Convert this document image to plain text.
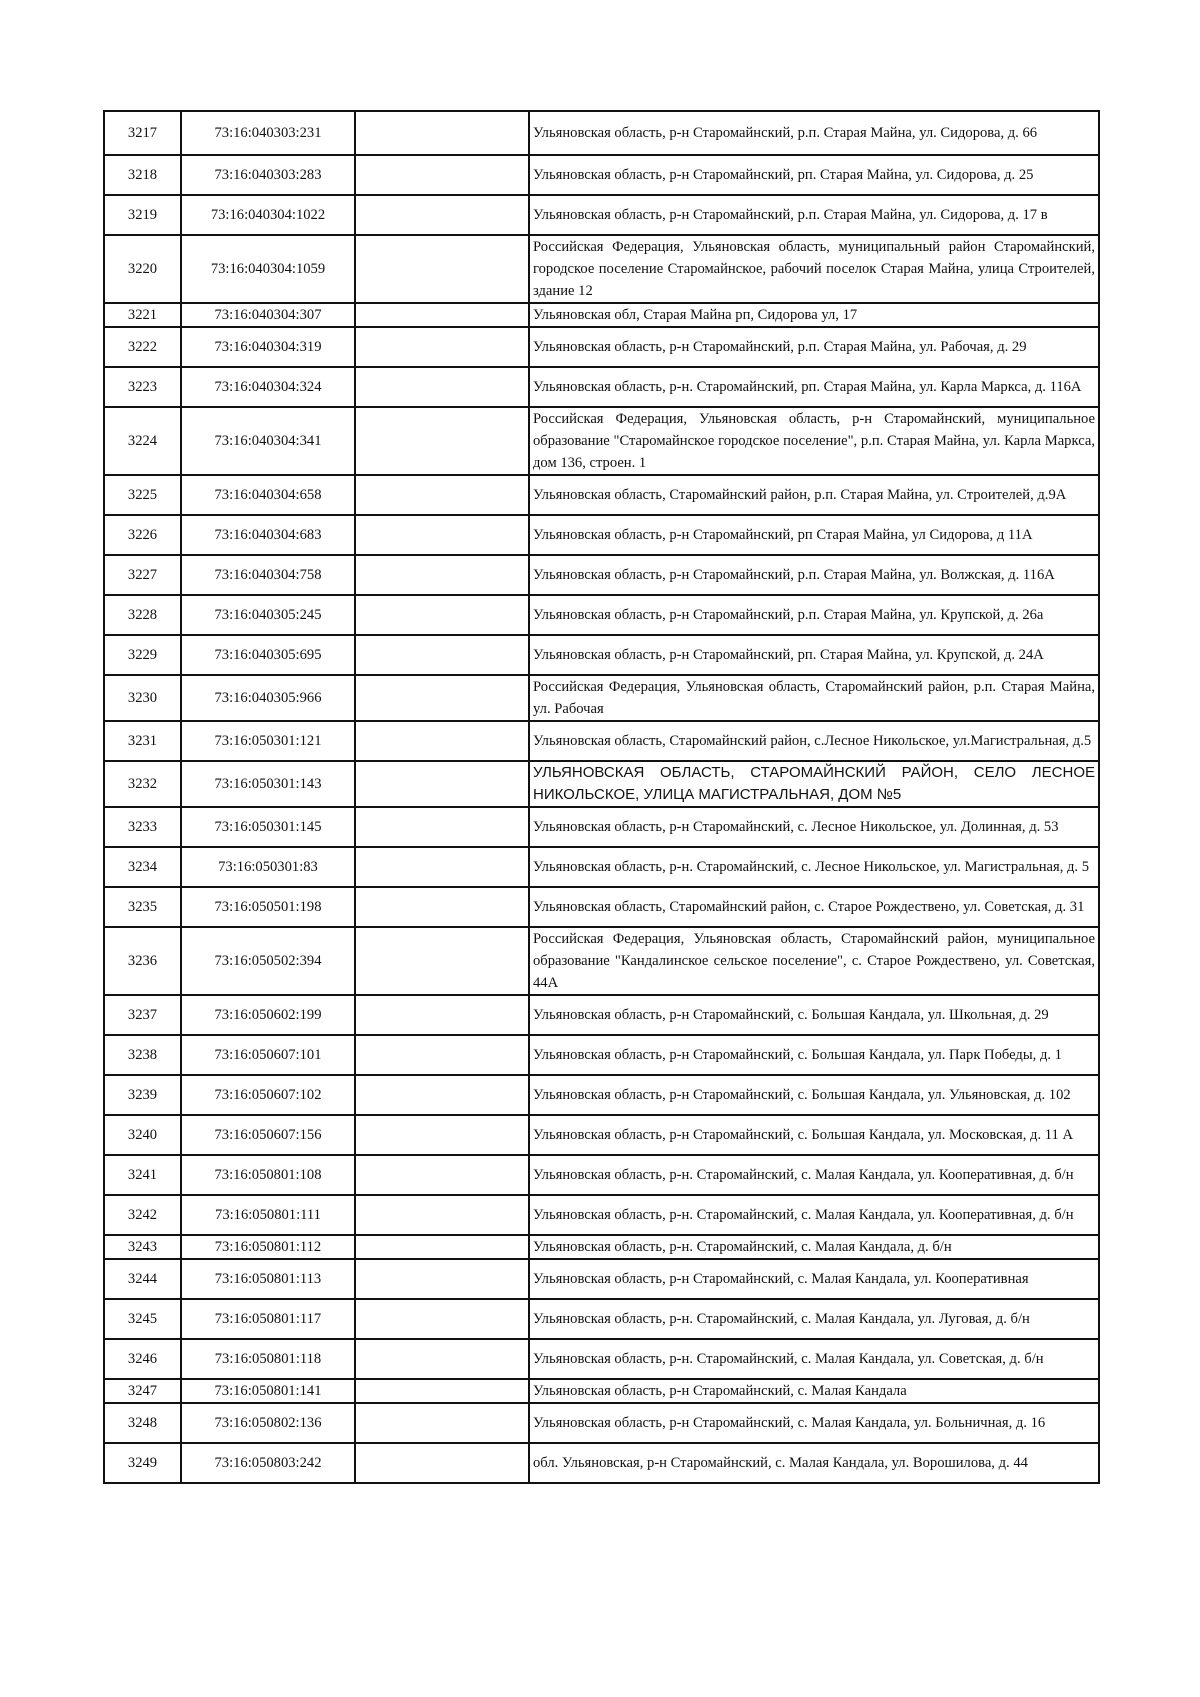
3217	73:16:040303:231		Ульяновская область, р-н Старомайнский, р.п. Старая Майна, ул. Сидорова, д. 66
3218	73:16:040303:283		Ульяновская область, р-н Старомайнский, рп. Старая Майна, ул. Сидорова, д. 25
3219	73:16:040304:1022		Ульяновская область, р-н Старомайнский, р.п. Старая Майна, ул. Сидорова, д. 17 в
3220	73:16:040304:1059		Российская Федерация, Ульяновская область, муниципальный район Старомайнский, городское поселение Старомайнское, рабочий поселок Старая Майна, улица Строителей, здание 12
3221	73:16:040304:307		Ульяновская обл, Старая Майна рп, Сидорова ул, 17
3222	73:16:040304:319		Ульяновская область, р-н Старомайнский, р.п. Старая Майна, ул. Рабочая, д. 29
3223	73:16:040304:324		Ульяновская область, р-н. Старомайнский, рп. Старая Майна, ул. Карла Маркса, д. 116А
3224	73:16:040304:341		Российская Федерация, Ульяновская область, р-н Старомайнский, муниципальное образование "Старомайнское городское поселение", р.п. Старая Майна, ул. Карла Маркса, дом 136, строен. 1
3225	73:16:040304:658		Ульяновская область, Старомайнский район, р.п. Старая Майна, ул. Строителей, д.9А
3226	73:16:040304:683		Ульяновская область, р-н Старомайнский, рп Старая Майна, ул Сидорова, д 11А
3227	73:16:040304:758		Ульяновская область, р-н Старомайнский, р.п. Старая Майна, ул. Волжская, д. 116А
3228	73:16:040305:245		Ульяновская область, р-н Старомайнский, р.п. Старая Майна, ул. Крупской, д. 26а
3229	73:16:040305:695		Ульяновская область, р-н Старомайнский, рп. Старая Майна, ул. Крупской, д. 24А
3230	73:16:040305:966		Российская Федерация, Ульяновская область, Старомайнский район, р.п. Старая Майна, ул. Рабочая
3231	73:16:050301:121		Ульяновская область, Старомайнский район, с.Лесное Никольское, ул.Магистральная, д.5
3232	73:16:050301:143		УЛЬЯНОВСКАЯ ОБЛАСТЬ, СТАРОМАЙНСКИЙ РАЙОН, СЕЛО ЛЕСНОЕ НИКОЛЬСКОЕ, УЛИЦА МАГИСТРАЛЬНАЯ, ДОМ №5
3233	73:16:050301:145		Ульяновская область, р-н Старомайнский, с. Лесное Никольское, ул. Долинная, д. 53
3234	73:16:050301:83		Ульяновская область, р-н. Старомайнский, с. Лесное Никольское, ул. Магистральная, д. 5
3235	73:16:050501:198		Ульяновская область, Старомайнский район, с. Старое Рождествено, ул. Советская, д. 31
3236	73:16:050502:394		Российская Федерация, Ульяновская область, Старомайнский район, муниципальное образование "Кандалинское сельское поселение", с. Старое Рождествено, ул. Советская, 44А
3237	73:16:050602:199		Ульяновская область, р-н Старомайнский, с. Большая Кандала, ул. Школьная, д. 29
3238	73:16:050607:101		Ульяновская область, р-н Старомайнский, с. Большая Кандала, ул. Парк Победы, д. 1
3239	73:16:050607:102		Ульяновская область, р-н Старомайнский, с. Большая Кандала, ул. Ульяновская, д. 102
3240	73:16:050607:156		Ульяновская область, р-н Старомайнский, с. Большая Кандала, ул. Московская, д. 11 А
3241	73:16:050801:108		Ульяновская область, р-н. Старомайнский, с. Малая Кандала, ул. Кооперативная, д. б/н
3242	73:16:050801:111		Ульяновская область, р-н. Старомайнский, с. Малая Кандала, ул. Кооперативная, д. б/н
3243	73:16:050801:112		Ульяновская область, р-н. Старомайнский, с. Малая Кандала, д. б/н
3244	73:16:050801:113		Ульяновская область, р-н Старомайнский, с. Малая Кандала, ул. Кооперативная
3245	73:16:050801:117		Ульяновская область, р-н. Старомайнский, с. Малая Кандала, ул. Луговая, д. б/н
3246	73:16:050801:118		Ульяновская область, р-н. Старомайнский, с. Малая Кандала, ул. Советская, д. б/н
3247	73:16:050801:141		Ульяновская область, р-н Старомайнский, с. Малая Кандала
3248	73:16:050802:136		Ульяновская область, р-н Старомайнский, с. Малая Кандала, ул. Больничная, д. 16
3249	73:16:050803:242		обл. Ульяновская, р-н Старомайнский, с. Малая Кандала, ул. Ворошилова, д. 44
